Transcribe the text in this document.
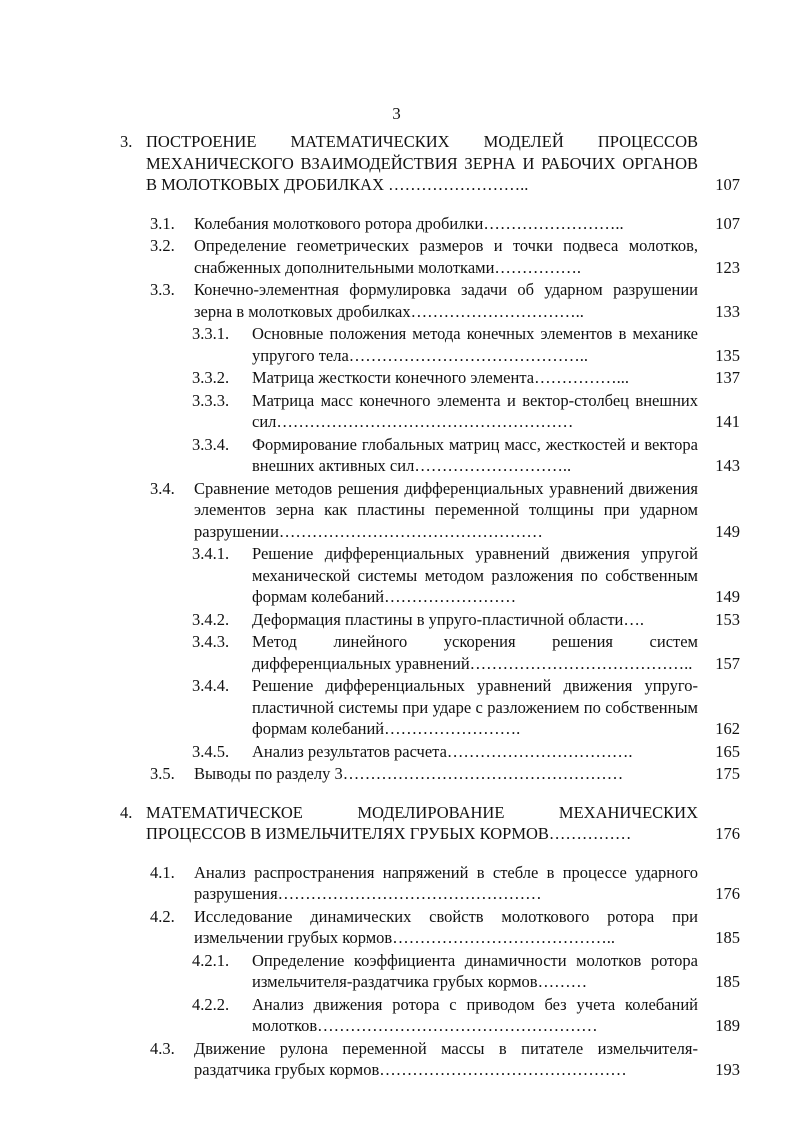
3
3. ПОСТРОЕНИЕ МАТЕМАТИЧЕСКИХ МОДЕЛЕЙ ПРОЦЕССОВ МЕХАНИЧЕСКОГО ВЗАИМОДЕЙСТВИЯ ЗЕРНА И РАБОЧИХ ОРГАНОВ В МОЛОТКОВЫХ ДРОБИЛКАХ ……………………..	107
3.1. Колебания молоткового ротора дробилки……………………..	107
3.2. Определение геометрических размеров и точки подвеса молотков, снабженных дополнительными молотками…………….	123
3.3. Конечно-элементная формулировка задачи об ударном разрушении зерна в молотковых дробилках…………………………..	133
3.3.1. Основные положения метода конечных элементов в механике упругого тела……………………………………..	135
3.3.2. Матрица жесткости конечного элемента……………...	137
3.3.3. Матрица масс конечного элемента и вектор-столбец внешних сил………………………………………………	141
3.3.4. Формирование глобальных матриц масс, жесткостей и вектора внешних активных сил………………………..	143
3.4. Сравнение методов решения дифференциальных уравнений движения элементов зерна как пластины переменной толщины при ударном разрушении…………………………………………	149
3.4.1. Решение дифференциальных уравнений движения упругой механической системы методом разложения по собственным формам колебаний……………………	149
3.4.2. Деформация пластины в упруго-пластичной области….	153
3.4.3. Метод линейного ускорения решения систем дифференциальных уравнений…………………………………..	157
3.4.4. Решение дифференциальных уравнений движения упруго-пластичной системы при ударе с разложением по собственным формам колебаний…………………….	162
3.4.5. Анализ результатов расчета…………………………….	165
3.5. Выводы по разделу 3……………………………………………	175
4. МАТЕМАТИЧЕСКОЕ МОДЕЛИРОВАНИЕ МЕХАНИЧЕСКИХ ПРОЦЕССОВ В ИЗМЕЛЬЧИТЕЛЯХ ГРУБЫХ КОРМОВ……………	176
4.1. Анализ распространения напряжений в стебле в процессе ударного разрушения…………………………………………	176
4.2. Исследование динамических свойств молоткового ротора при измельчении грубых кормов…………………………………..	185
4.2.1. Определение коэффициента динамичности молотков ротора измельчителя-раздатчика грубых кормов………	185
4.2.2. Анализ движения ротора с приводом без учета колебаний молотков……………………………………………	189
4.3. Движение рулона переменной массы в питателе измельчителя-раздатчика грубых кормов………………………………………	193
